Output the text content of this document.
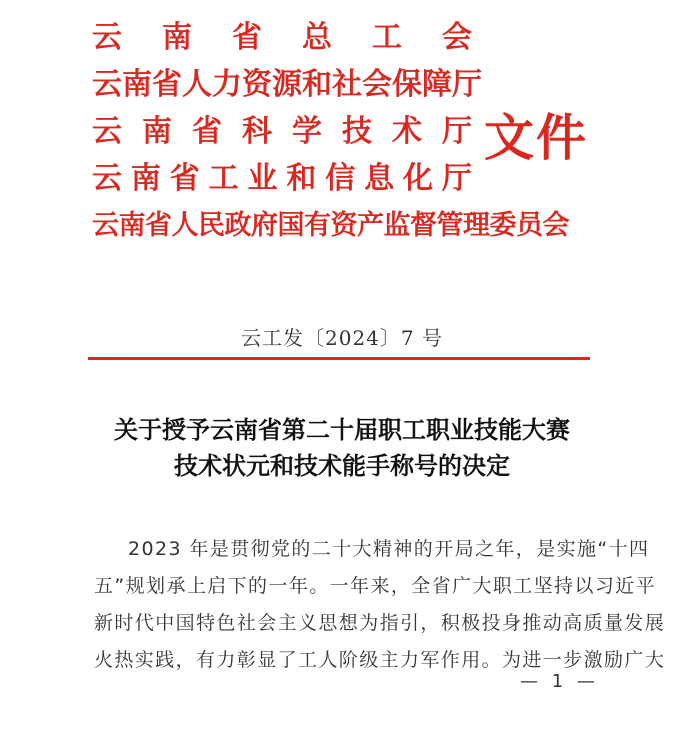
云 南 省 总 工 会
云南省人力资源和社会保障厅
云 南 省 科 学 技 术 厅
云 南 省 工 业 和 信 息 化 厅
云南省人民政府国有资产监督管理委员会
文件
云工发〔2024〕7 号
关于授予云南省第二十届职工职业技能大赛
技术状元和技术能手称号的决定

2023 年是贯彻党的二十大精神的开局之年，是实施“十四

五”规划承上启下的一年。一年来，全省广大职工坚持以习近平

新时代中国特色社会主义思想为指引，积极投身推动高质量发展

火热实践，有力彰显了工人阶级主力军作用。为进一步激励广大

— 1 —
